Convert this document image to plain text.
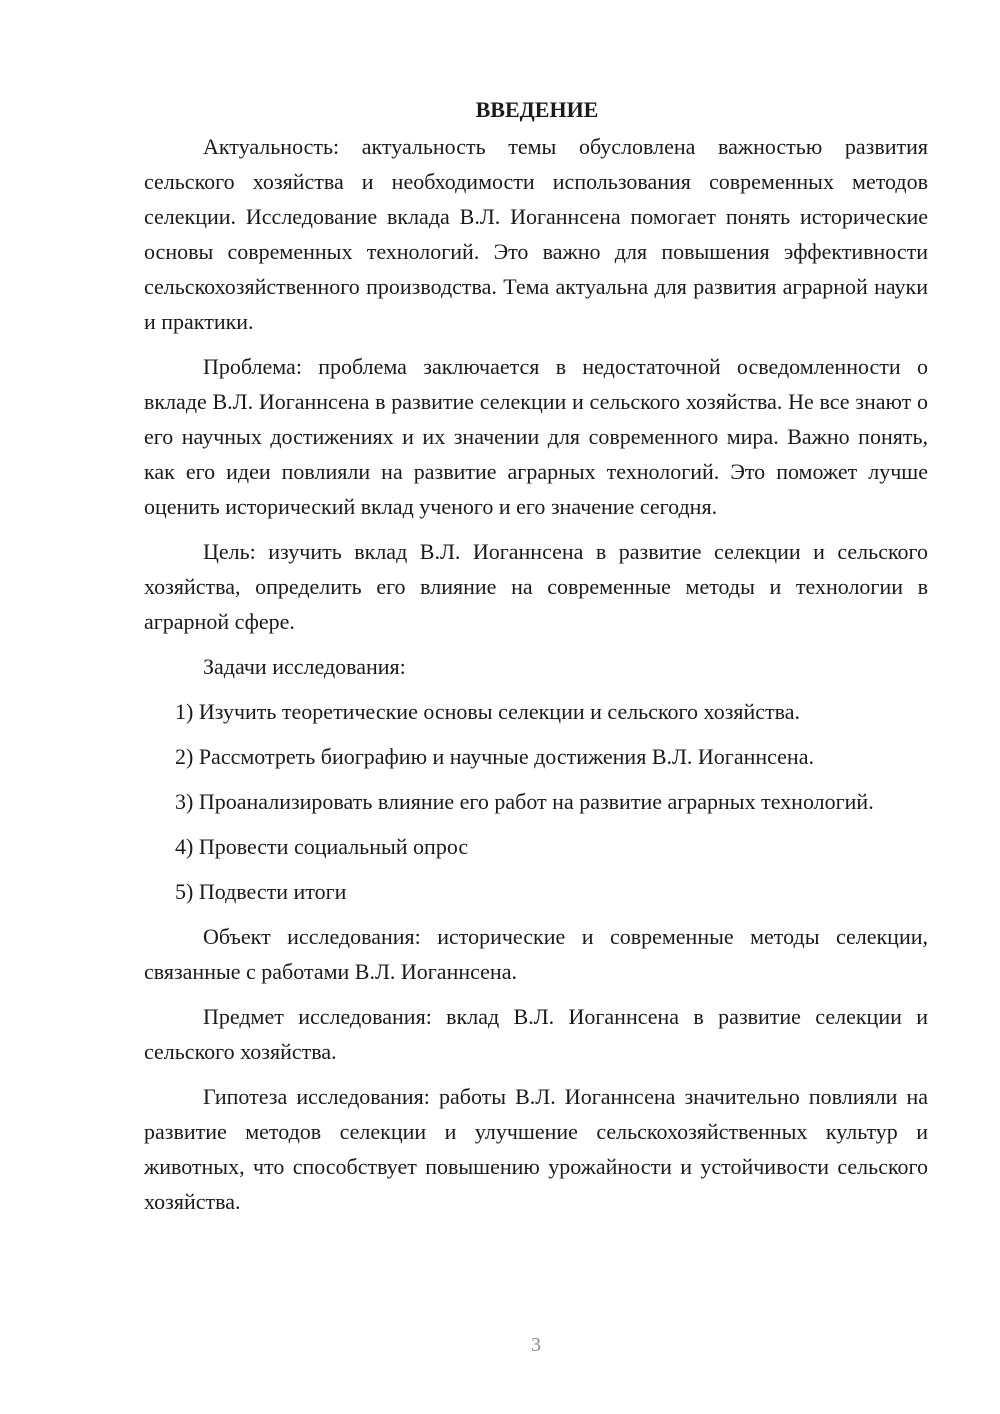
ВВЕДЕНИЕ

Актуальность: актуальность темы обусловлена важностью развития сельского хозяйства и необходимости использования современных методов селекции. Исследование вклада В.Л. Иоганнсена помогает понять исторические основы современных технологий. Это важно для повышения эффективности сельскохозяйственного производства. Тема актуальна для развития аграрной науки и практики.

Проблема: проблема заключается в недостаточной осведомленности о вкладе В.Л. Иоганнсена в развитие селекции и сельского хозяйства. Не все знают о его научных достижениях и их значении для современного мира. Важно понять, как его идеи повлияли на развитие аграрных технологий. Это поможет лучше оценить исторический вклад ученого и его значение сегодня.

Цель: изучить вклад В.Л. Иоганнсена в развитие селекции и сельского хозяйства, определить его влияние на современные методы и технологии в аграрной сфере.

Задачи исследования:

1) Изучить теоретические основы селекции и сельского хозяйства.

2) Рассмотреть биографию и научные достижения В.Л. Иоганнсена.

3) Проанализировать влияние его работ на развитие аграрных технологий.

4) Провести социальный опрос

5) Подвести итоги

Объект исследования: исторические и современные методы селекции, связанные с работами В.Л. Иоганнсена.

Предмет исследования: вклад В.Л. Иоганнсена в развитие селекции и сельского хозяйства.

Гипотеза исследования: работы В.Л. Иоганнсена значительно повлияли на развитие методов селекции и улучшение сельскохозяйственных культур и животных, что способствует повышению урожайности и устойчивости сельского хозяйства.

3
